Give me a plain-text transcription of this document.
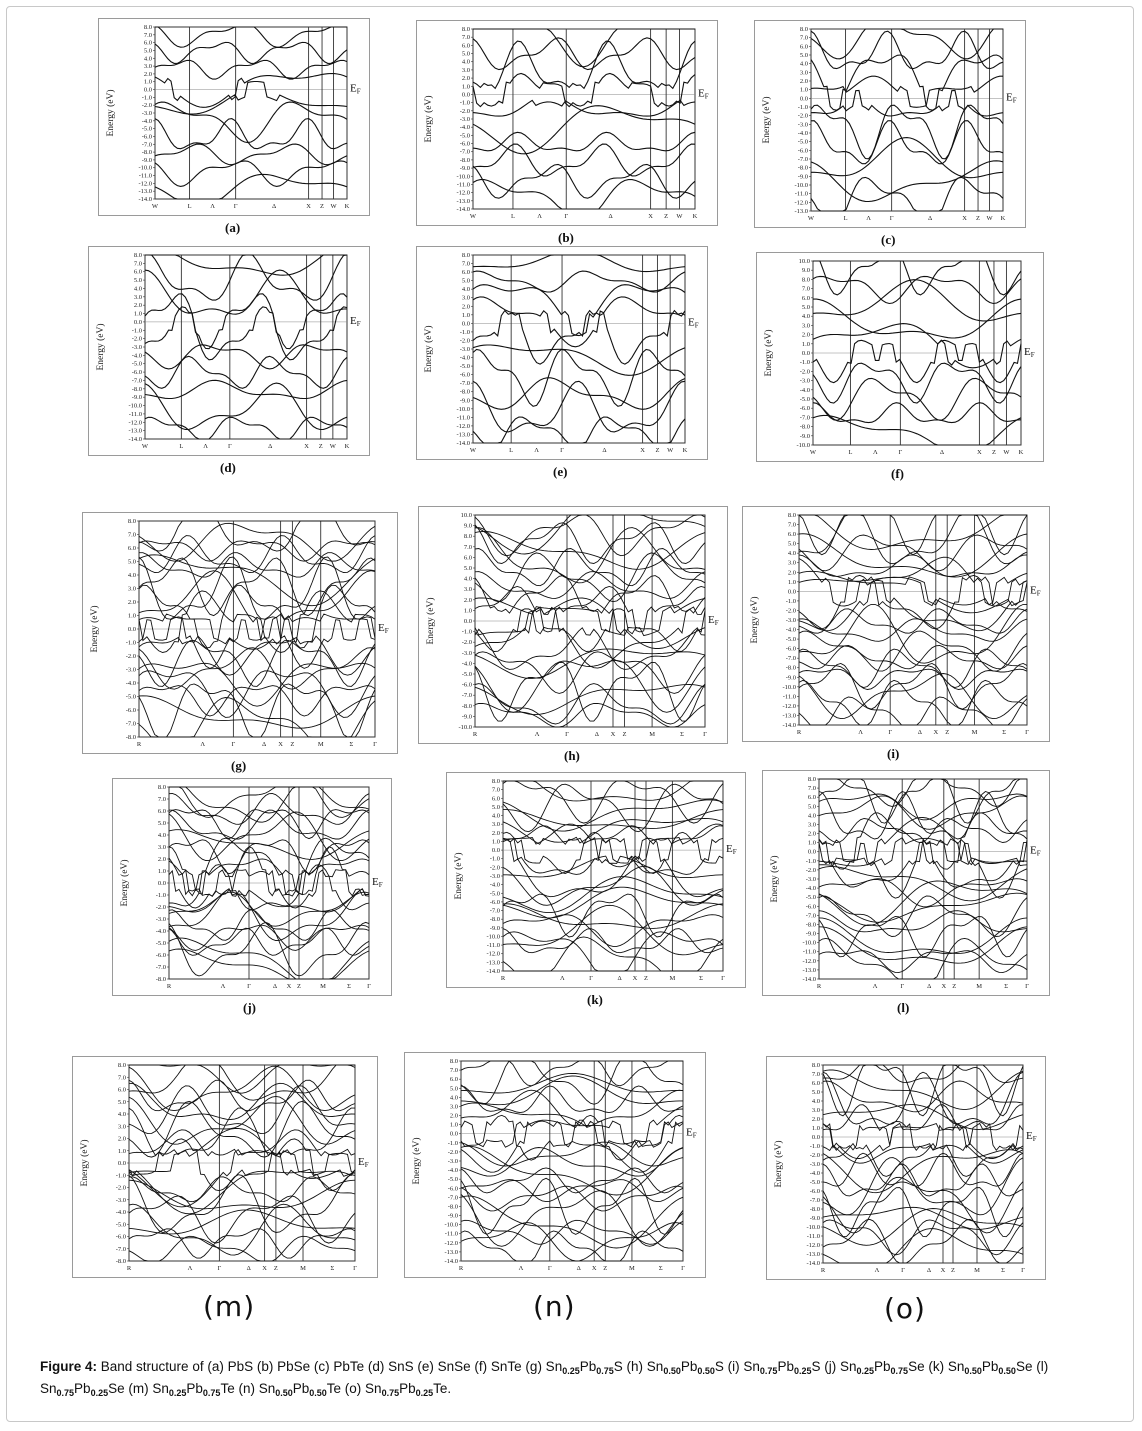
-14.0
-13.0
-12.0
-11.0
-10.0
-9.0
-8.0
-7.0
-6.0
-5.0
-4.0
-3.0
-2.0
-1.0
0.0
1.0
2.0
3.0
4.0
5.0
6.0
7.0
8.0
Energy (eV)
W	L	Λ	Γ	Δ	X Z W K
EF
(a)
-14.0
-13.0
-12.0
-11.0
-10.0
-9.0
-8.0
-7.0
-6.0
-5.0
-4.0
-3.0
-2.0
-1.0
0.0
1.0
2.0
3.0
4.0
5.0
6.0
7.0
8.0
Energy (eV)
W	L	Λ	Γ	Δ	X Z W K
EF
(b)
-13.0
-12.0
-11.0
-10.0
-9.0
-8.0
-7.0
-6.0
-5.0
-4.0
-3.0
-2.0
-1.0
0.0
1.0
2.0
3.0
4.0
5.0
6.0
7.0
8.0
Energy (eV)
W	L	Λ	Γ	Δ	X Z W K
EF
(c)
-14.0
-13.0
-12.0
-11.0
-10.0
-9.0
-8.0
-7.0
-6.0
-5.0
-4.0
-3.0
-2.0
-1.0
0.0
1.0
2.0
3.0
4.0
5.0
6.0
7.0
8.0
Energy (eV)
W	L	Λ	Γ	Δ	X Z W K
EF
(d)
-14.0
-13.0
-12.0
-11.0
-10.0
-9.0
-8.0
-7.0
-6.0
-5.0
-4.0
-3.0
-2.0
-1.0
0.0
1.0
2.0
3.0
4.0
5.0
6.0
7.0
8.0
Energy (eV)
W	L	Λ	Γ	Δ	X Z W K
EF
(e)
-10.0
-9.0
-8.0
-7.0
-6.0
-5.0
-4.0
-3.0
-2.0
-1.0
0.0
1.0
2.0
3.0
4.0
5.0
6.0
7.0
8.0
9.0
10.0
Energy (eV)
W	L	Λ	Γ	Δ	X Z W K
EF
(f)
-8.0
-7.0
-6.0
-5.0
-4.0
-3.0
-2.0
-1.0
0.0
1.0
2.0
3.0
4.0
5.0
6.0
7.0
8.0
Energy (eV)
R	Λ	Γ	Δ X Z	M	Σ	Γ
EF
(g)
-10.0
-9.0
-8.0
-7.0
-6.0
-5.0
-4.0
-3.0
-2.0
-1.0
0.0
1.0
2.0
3.0
4.0
5.0
6.0
7.0
8.0
9.0
10.0
Energy (eV)
R	Λ	Γ	Δ X Z	M	Σ	Γ
EF
(h)
-14.0
-13.0
-12.0
-11.0
-10.0
-9.0
-8.0
-7.0
-6.0
-5.0
-4.0
-3.0
-2.0
-1.0
0.0
1.0
2.0
3.0
4.0
5.0
6.0
7.0
8.0
Energy (eV)
R	Λ	Γ	Δ X Z	M	Σ	Γ
EF
(i)
-8.0
-7.0
-6.0
-5.0
-4.0
-3.0
-2.0
-1.0
0.0
1.0
2.0
3.0
4.0
5.0
6.0
7.0
8.0
Energy (eV)
R	Λ	Γ	Δ X Z	M	Σ Γ
EF
(j)
-14.0
-13.0
-12.0
-11.0
-10.0
-9.0
-8.0
-7.0
-6.0
-5.0
-4.0
-3.0
-2.0
-1.0
0.0
1.0
2.0
3.0
4.0
5.0
6.0
7.0
8.0
Energy (eV)
R	Λ	Γ	Δ X Z	M	Σ	Γ
EF
(k)
-14.0
-13.0
-12.0
-11.0
-10.0
-9.0
-8.0
-7.0
-6.0
-5.0
-4.0
-3.0
-2.0
-1.0
0.0
1.0
2.0
3.0
4.0
5.0
6.0
7.0
8.0
Energy (eV)
R	Λ	Γ	Δ X Z	M	Σ	Γ
EF
(l)
-8.0
-7.0
-6.0
-5.0
-4.0
-3.0
-2.0
-1.0
0.0
1.0
2.0
3.0
4.0
5.0
6.0
7.0
8.0
Energy (eV)
R	Λ	Γ	Δ X Z	M	Σ	Γ
EF
(m)
-14.0
-13.0
-12.0
-11.0
-10.0
-9.0
-8.0
-7.0
-6.0
-5.0
-4.0
-3.0
-2.0
-1.0
0.0
1.0
2.0
3.0
4.0
5.0
6.0
7.0
8.0
Energy (eV)
R	Λ	Γ	Δ X Z	M	Σ	Γ
EF
(n)
-14.0
-13.0
-12.0
-11.0
-10.0
-9.0
-8.0
-7.0
-6.0
-5.0
-4.0
-3.0
-2.0
-1.0
0.0
1.0
2.0
3.0
4.0
5.0
6.0
7.0
8.0
Energy (eV)
R	Λ	Γ	Δ X Z	M	Σ Γ
EF
(o)
Figure 4: Band structure of (a) PbS (b) PbSe (c) PbTe (d) SnS (e) SnSe (f) SnTe (g) $Sn_{0.25}Pb_{0.75}S$ (h) $Sn_{0.50}Pb_{0.50}S$ (i) $Sn_{0.75}Pb_{0.25}S$ (j) $Sn_{0.25}Pb_{0.75}Se$ (k) $Sn_{0.50}Pb_{0.50}Se$ (l) $Sn_{0.75}Pb_{0.25}Se$ (m) $Sn_{0.25}Pb_{0.75}Te$ (n) $Sn_{0.50}Pb_{0.50}Te$ (o) $Sn_{0.75}Pb_{0.25}Te$.
